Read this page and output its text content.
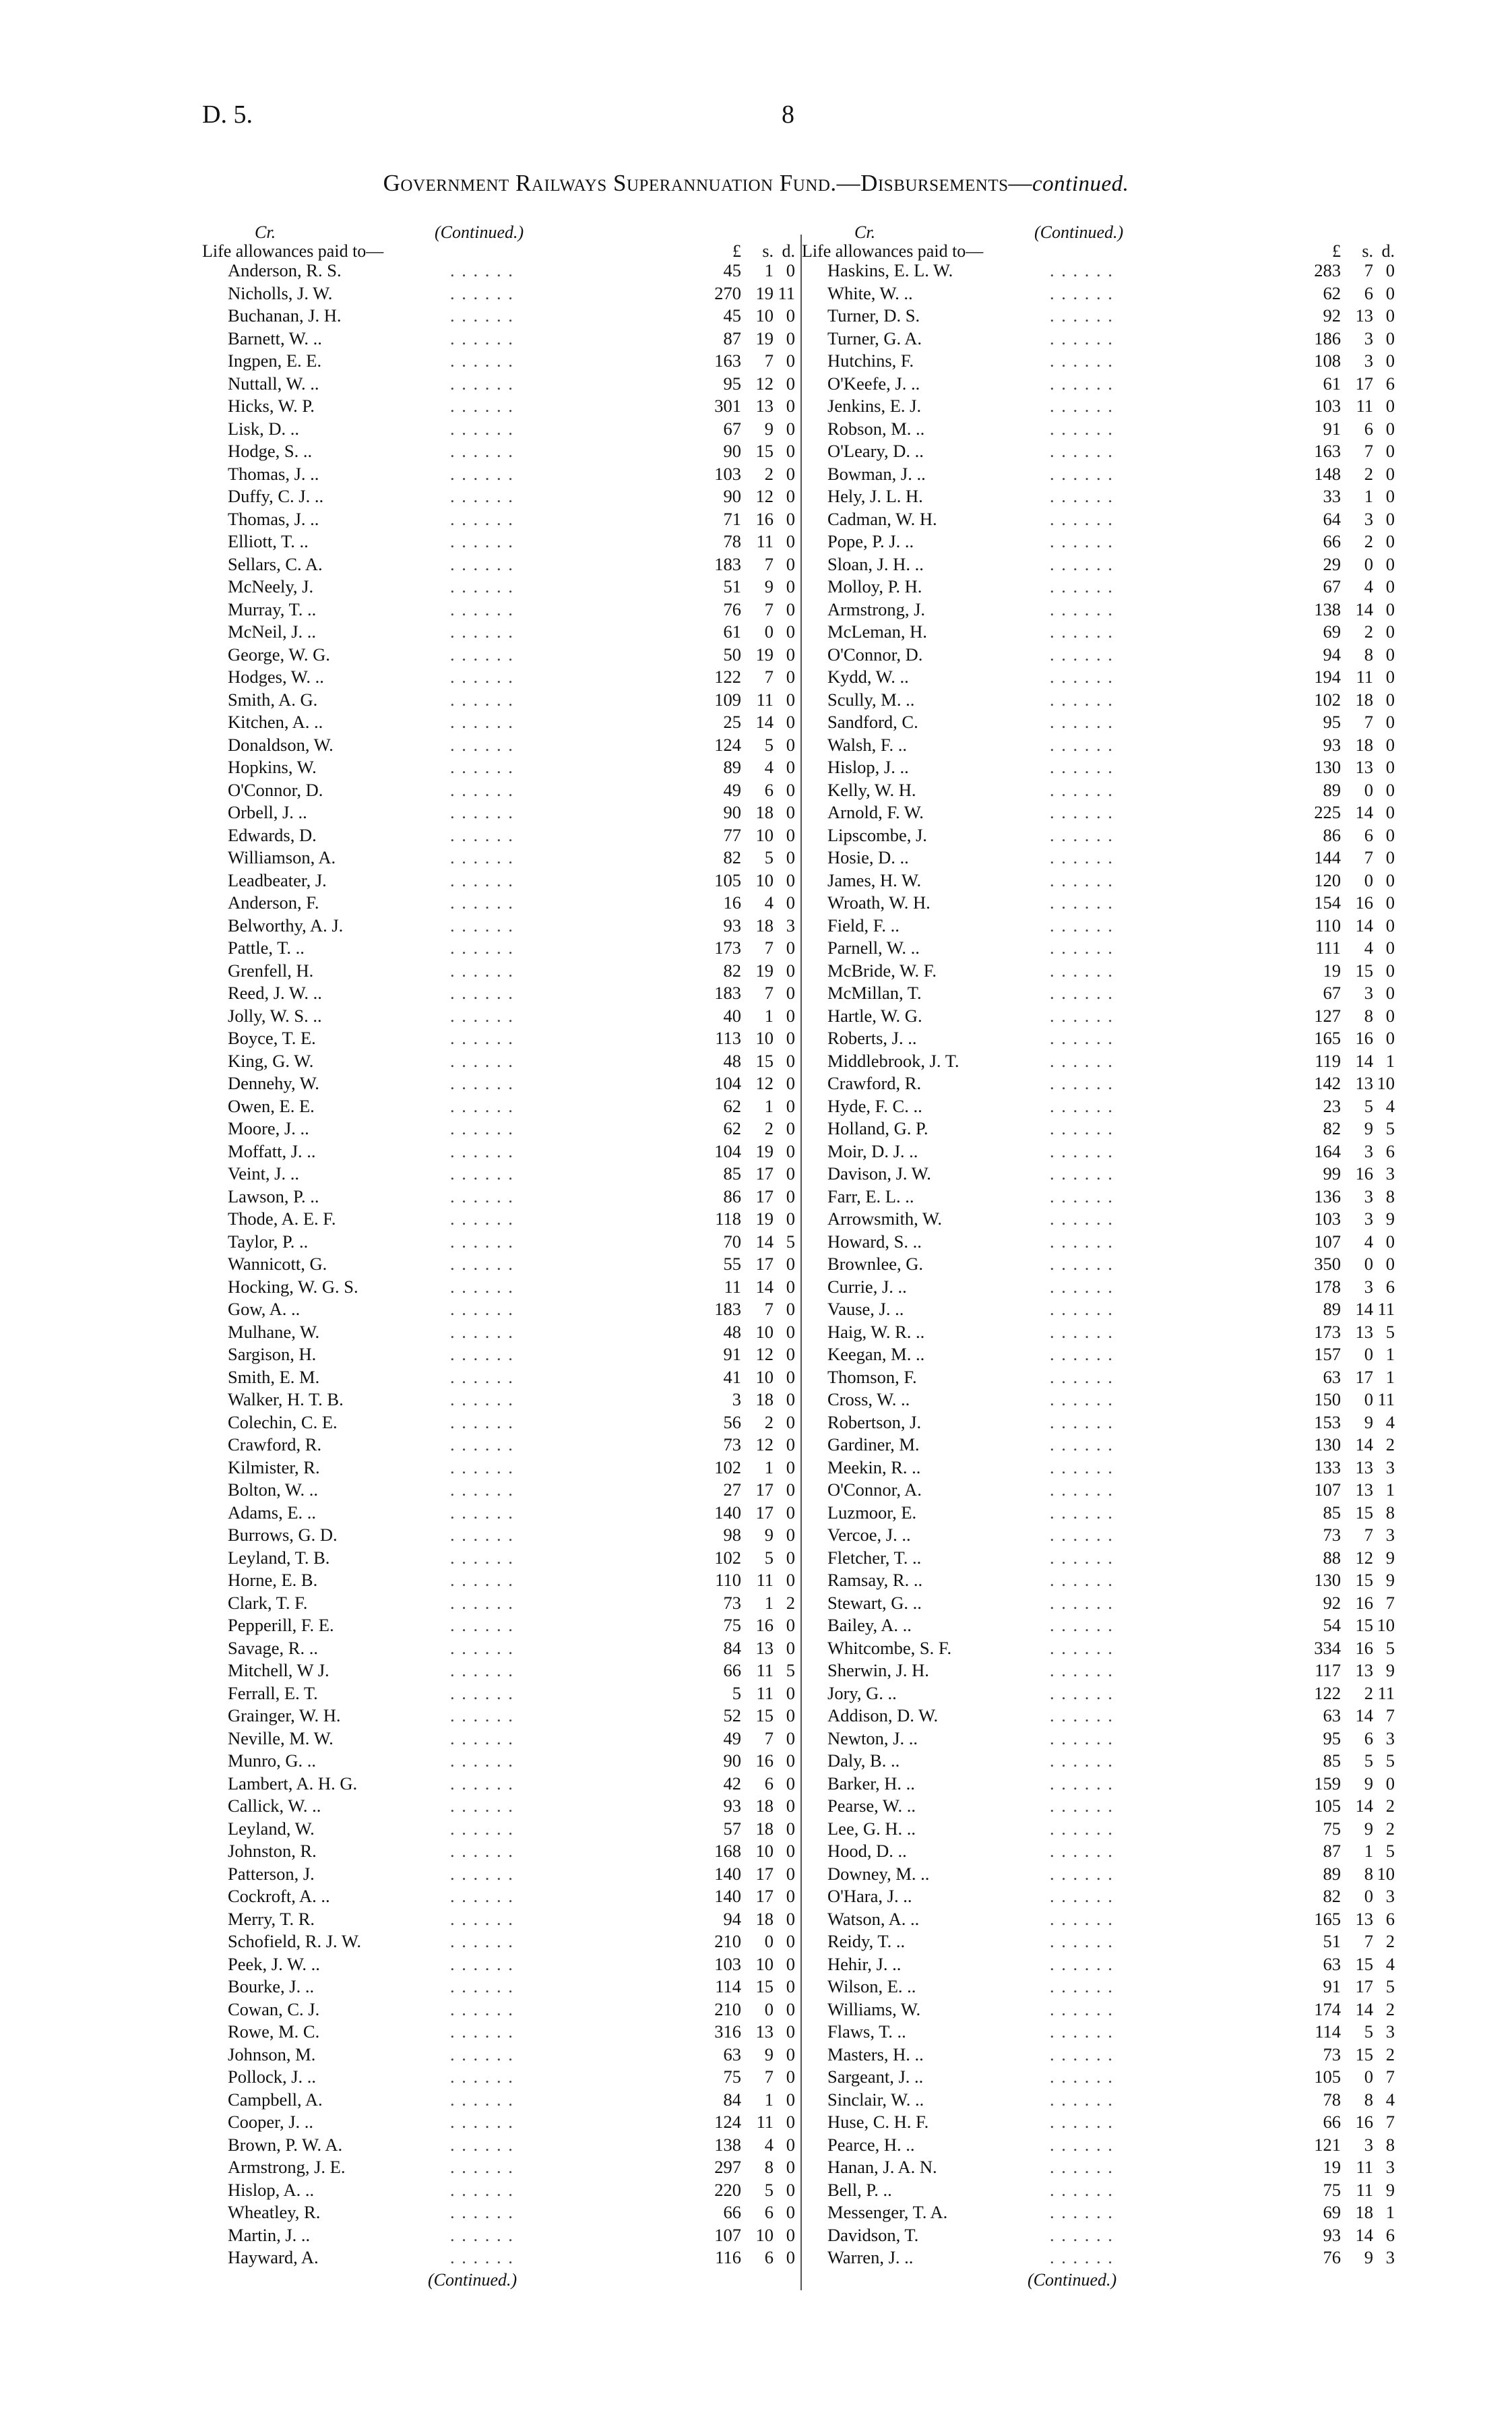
D. 5.	8
Government Railways Superannuation Fund.—Disbursements—continued.
Cr.	(Continued.)
Life allowances paid to—	£	s. d.
Anderson, R. S.	. . . . . .	45	1 0
Nicholls, J. W.	. . . . . .	270 19 11
Buchanan, J. H.	. . . . . .	45 10 0
Barnett, W. ..	. . . . . .	87 19 0
Ingpen, E. E.	. . . . . .	163	7 0
Nuttall, W. ..	. . . . . .	95 12 0
Hicks, W. P.	. . . . . .	301 13 0
Lisk, D. ..	. . . . . .	67	9 0
Hodge, S. ..	. . . . . .	90 15 0
Thomas, J. ..	. . . . . .	103	2 0
Duffy, C. J. ..	. . . . . .	90 12 0
Thomas, J. ..	. . . . . .	71 16 0
Elliott, T. ..	. . . . . .	78 11 0
Sellars, C. A.	. . . . . .	183	7 0
McNeely, J.	. . . . . .	51	9 0
Murray, T. ..	. . . . . .	76	7 0
McNeil, J. ..	. . . . . .	61	0 0
George, W. G.	. . . . . .	50 19 0
Hodges, W. ..	. . . . . .	122	7 0
Smith, A. G.	. . . . . .	109 11 0
Kitchen, A. ..	. . . . . .	25 14 0
Donaldson, W.	. . . . . .	124	5 0
Hopkins, W.	. . . . . .	89	4 0
O'Connor, D.	. . . . . .	49	6 0
Orbell, J. ..	. . . . . .	90 18 0
Edwards, D.	. . . . . .	77 10 0
Williamson, A.	. . . . . .	82	5 0
Leadbeater, J.	. . . . . .	105 10 0
Anderson, F.	. . . . . .	16	4 0
Belworthy, A. J.	. . . . . .	93 18 3
Pattle, T. ..	. . . . . .	173	7 0
Grenfell, H.	. . . . . .	82 19 0
Reed, J. W. ..	. . . . . .	183	7 0
Jolly, W. S. ..	. . . . . .	40	1 0
Boyce, T. E.	. . . . . .	113 10 0
King, G. W.	. . . . . .	48 15 0
Dennehy, W.	. . . . . .	104 12 0
Owen, E. E.	. . . . . .	62	1 0
Moore, J. ..	. . . . . .	62	2 0
Moffatt, J. ..	. . . . . .	104 19 0
Veint, J. ..	. . . . . .	85 17 0
Lawson, P. ..	. . . . . .	86 17 0
Thode, A. E. F.	. . . . . .	118 19 0
Taylor, P. ..	. . . . . .	70 14 5
Wannicott, G.	. . . . . .	55 17 0
Hocking, W. G. S.	. . . . . .	11 14 0
Gow, A. ..	. . . . . .	183	7 0
Mulhane, W.	. . . . . .	48 10 0
Sargison, H.	. . . . . .	91 12 0
Smith, E. M.	. . . . . .	41 10 0
Walker, H. T. B.	. . . . . .	3 18 0
Colechin, C. E.	. . . . . .	56	2 0
Crawford, R.	. . . . . .	73 12 0
Kilmister, R.	. . . . . .	102	1 0
Bolton, W. ..	. . . . . .	27 17 0
Adams, E. ..	. . . . . .	140 17 0
Burrows, G. D.	. . . . . .	98	9 0
Leyland, T. B.	. . . . . .	102	5 0
Horne, E. B.	. . . . . .	110 11 0
Clark, T. F.	. . . . . .	73	1 2
Pepperill, F. E.	. . . . . .	75 16 0
Savage, R. ..	. . . . . .	84 13 0
Mitchell, W J.	. . . . . .	66 11 5
Ferrall, E. T.	. . . . . .	5 11 0
Grainger, W. H.	. . . . . .	52 15 0
Neville, M. W.	. . . . . .	49	7 0
Munro, G. ..	. . . . . .	90 16 0
Lambert, A. H. G.	. . . . . .	42	6 0
Callick, W. ..	. . . . . .	93 18 0
Leyland, W.	. . . . . .	57 18 0
Johnston, R.	. . . . . .	168 10 0
Patterson, J.	. . . . . .	140 17 0
Cockroft, A. ..	. . . . . .	140 17 0
Merry, T. R.	. . . . . .	94 18 0
Schofield, R. J. W.	. . . . . .	210	0 0
Peek, J. W. ..	. . . . . .	103 10 0
Bourke, J. ..	. . . . . .	114 15 0
Cowan, C. J.	. . . . . .	210	0 0
Rowe, M. C.	. . . . . .	316 13 0
Johnson, M.	. . . . . .	63	9 0
Pollock, J. ..	. . . . . .	75	7 0
Campbell, A.	. . . . . .	84	1 0
Cooper, J. ..	. . . . . .	124 11 0
Brown, P. W. A.	. . . . . .	138	4 0
Armstrong, J. E.	. . . . . .	297	8 0
Hislop, A. ..	. . . . . .	220	5 0
Wheatley, R.	. . . . . .	66	6 0
Martin, J. ..	. . . . . .	107 10 0
Hayward, A.	. . . . . .	116	6 0
(Continued.)
Cr.	(Continued.)
Life allowances paid to—	£	s. d.
Haskins, E. L. W.	. . . . . .	283	7 0
White, W. ..	. . . . . .	62	6 0
Turner, D. S.	. . . . . .	92 13 0
Turner, G. A.	. . . . . .	186	3 0
Hutchins, F.	. . . . . .	108	3 0
O'Keefe, J. ..	. . . . . .	61 17 6
Jenkins, E. J.	. . . . . .	103 11 0
Robson, M. ..	. . . . . .	91	6 0
O'Leary, D. ..	. . . . . .	163	7 0
Bowman, J. ..	. . . . . .	148	2 0
Hely, J. L. H.	. . . . . .	33	1 0
Cadman, W. H.	. . . . . .	64	3 0
Pope, P. J. ..	. . . . . .	66	2 0
Sloan, J. H. ..	. . . . . .	29	0 0
Molloy, P. H.	. . . . . .	67	4 0
Armstrong, J.	. . . . . .	138 14 0
McLeman, H.	. . . . . .	69	2 0
O'Connor, D.	. . . . . .	94	8 0
Kydd, W. ..	. . . . . .	194 11 0
Scully, M. ..	. . . . . .	102 18 0
Sandford, C.	. . . . . .	95	7 0
Walsh, F. ..	. . . . . .	93 18 0
Hislop, J. ..	. . . . . .	130 13 0
Kelly, W. H.	. . . . . .	89	0 0
Arnold, F. W.	. . . . . .	225 14 0
Lipscombe, J.	. . . . . .	86	6 0
Hosie, D. ..	. . . . . .	144	7 0
James, H. W.	. . . . . .	120	0 0
Wroath, W. H.	. . . . . .	154 16 0
Field, F. ..	. . . . . .	110 14 0
Parnell, W. ..	. . . . . .	111	4 0
McBride, W. F.	. . . . . .	19 15 0
McMillan, T.	. . . . . .	67	3 0
Hartle, W. G.	. . . . . .	127	8 0
Roberts, J. ..	. . . . . .	165 16 0
Middlebrook, J. T.	. . . . . .	119 14 1
Crawford, R.	. . . . . .	142 13 10
Hyde, F. C. ..	. . . . . .	23	5 4
Holland, G. P.	. . . . . .	82	9 5
Moir, D. J. ..	. . . . . .	164	3 6
Davison, J. W.	. . . . . .	99 16 3
Farr, E. L. ..	. . . . . .	136	3 8
Arrowsmith, W.	. . . . . .	103	3 9
Howard, S. ..	. . . . . .	107	4 0
Brownlee, G.	. . . . . .	350	0 0
Currie, J. ..	. . . . . .	178	3 6
Vause, J. ..	. . . . . .	89 14 11
Haig, W. R. ..	. . . . . .	173 13 5
Keegan, M. ..	. . . . . .	157	0 1
Thomson, F.	. . . . . .	63 17 1
Cross, W. ..	. . . . . .	150	0 11
Robertson, J.	. . . . . .	153	9 4
Gardiner, M.	. . . . . .	130 14 2
Meekin, R. ..	. . . . . .	133 13 3
O'Connor, A.	. . . . . .	107 13 1
Luzmoor, E.	. . . . . .	85 15 8
Vercoe, J. ..	. . . . . .	73	7 3
Fletcher, T. ..	. . . . . .	88 12 9
Ramsay, R. ..	. . . . . .	130 15 9
Stewart, G. ..	. . . . . .	92 16 7
Bailey, A. ..	. . . . . .	54 15 10
Whitcombe, S. F.	. . . . . .	334 16 5
Sherwin, J. H.	. . . . . .	117 13 9
Jory, G. ..	. . . . . .	122	2 11
Addison, D. W.	. . . . . .	63 14 7
Newton, J. ..	. . . . . .	95	6 3
Daly, B. ..	. . . . . .	85	5 5
Barker, H. ..	. . . . . .	159	9 0
Pearse, W. ..	. . . . . .	105 14 2
Lee, G. H. ..	. . . . . .	75	9 2
Hood, D. ..	. . . . . .	87	1 5
Downey, M. ..	. . . . . .	89	8 10
O'Hara, J. ..	. . . . . .	82	0 3
Watson, A. ..	. . . . . .	165 13 6
Reidy, T. ..	. . . . . .	51	7 2
Hehir, J. ..	. . . . . .	63 15 4
Wilson, E. ..	. . . . . .	91 17 5
Williams, W.	. . . . . .	174 14 2
Flaws, T. ..	. . . . . .	114	5 3
Masters, H. ..	. . . . . .	73 15 2
Sargeant, J. ..	. . . . . .	105	0 7
Sinclair, W. ..	. . . . . .	78	8 4
Huse, C. H. F.	. . . . . .	66 16 7
Pearce, H. ..	. . . . . .	121	3 8
Hanan, J. A. N.	. . . . . .	19 11 3
Bell, P. ..	. . . . . .	75 11 9
Messenger, T. A.	. . . . . .	69 18 1
Davidson, T.	. . . . . .	93 14 6
Warren, J. ..	. . . . . .	76	9 3
(Continued.)
